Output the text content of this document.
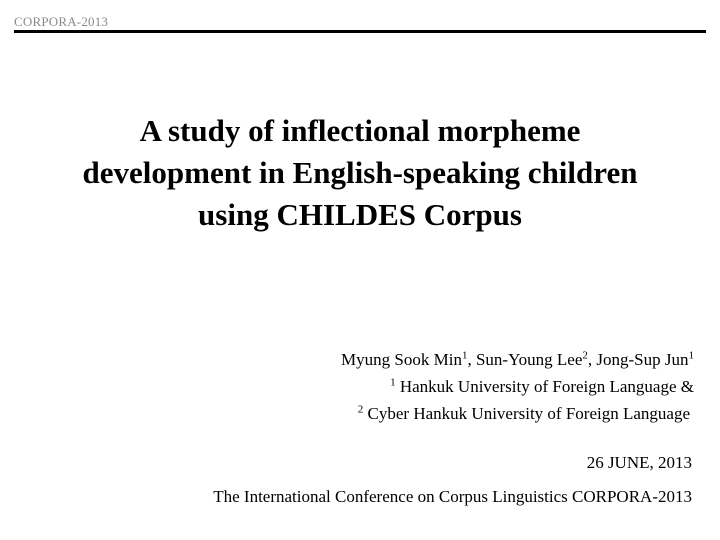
CORPORA-2013
A study of inflectional morpheme
development in English-speaking children
using CHILDES Corpus
Myung Sook Min$^1$, Sun-Young Lee$^2$, Jong-Sup Jun$^1$
$^1$ Hankuk University of Foreign Language &
$^2$ Cyber Hankuk University of Foreign Language
26 JUNE, 2013
The International Conference on Corpus Linguistics CORPORA-2013
